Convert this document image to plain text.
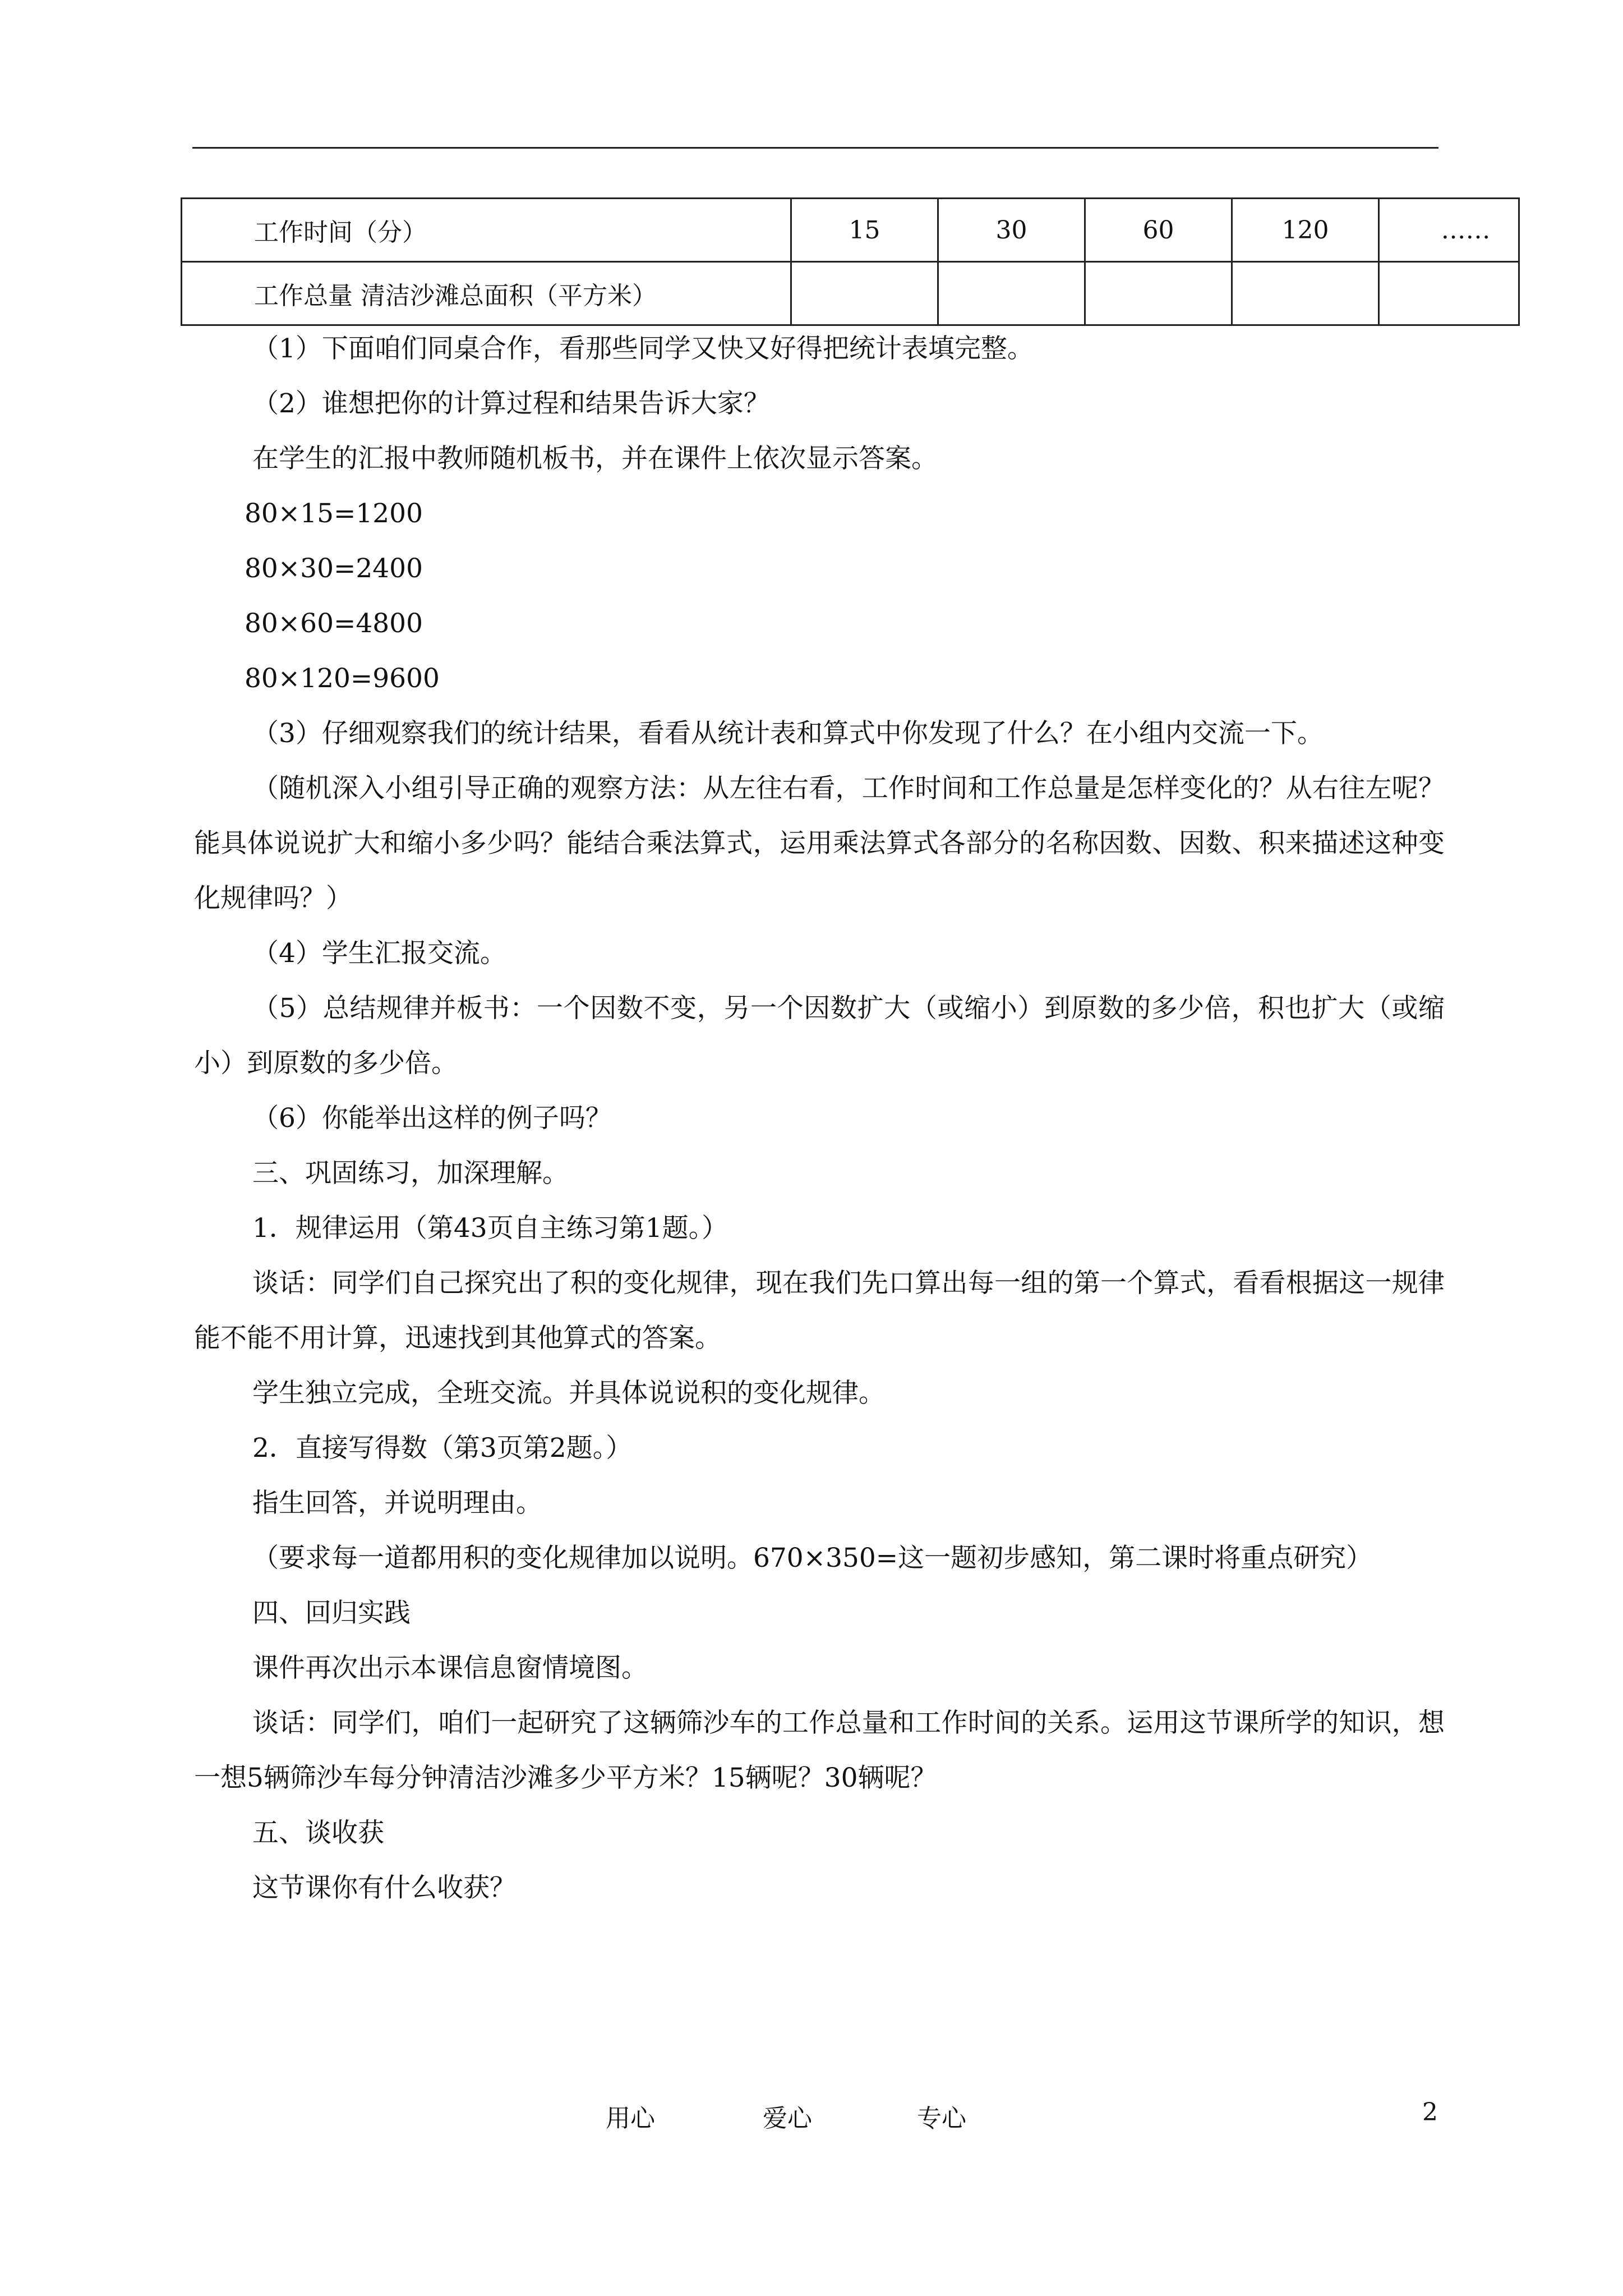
工作时间（分）	15	30	60	120	……
工作总量 清洁沙滩总面积（平方米）					

（1）下面咱们同桌合作，看那些同学又快又好得把统计表填完整。

（2）谁想把你的计算过程和结果告诉大家？

在学生的汇报中教师随机板书，并在课件上依次显示答案。

80×15=1200

80×30=2400

80×60=4800

80×120=9600

（3）仔细观察我们的统计结果，看看从统计表和算式中你发现了什么？在小组内交流一下。

（随机深入小组引导正确的观察方法：从左往右看，工作时间和工作总量是怎样变化的？从右往左呢？能具体说说扩大和缩小多少吗？能结合乘法算式，运用乘法算式各部分的名称因数、因数、积来描述这种变化规律吗？）

（4）学生汇报交流。

（5）总结规律并板书：一个因数不变，另一个因数扩大（或缩小）到原数的多少倍，积也扩大（或缩小）到原数的多少倍。

（6）你能举出这样的例子吗？

三、巩固练习，加深理解。

1．规律运用（第43页自主练习第1题。）

谈话：同学们自己探究出了积的变化规律，现在我们先口算出每一组的第一个算式，看看根据这一规律能不能不用计算，迅速找到其他算式的答案。

学生独立完成，全班交流。并具体说说积的变化规律。

2．直接写得数（第3页第2题。）

指生回答，并说明理由。

（要求每一道都用积的变化规律加以说明。670×350=这一题初步感知，第二课时将重点研究）

四、回归实践

课件再次出示本课信息窗情境图。

谈话：同学们，咱们一起研究了这辆筛沙车的工作总量和工作时间的关系。运用这节课所学的知识，想一想5辆筛沙车每分钟清洁沙滩多少平方米？15辆呢？30辆呢？

五、谈收获

这节课你有什么收获？

用心	爱心	专心	2
